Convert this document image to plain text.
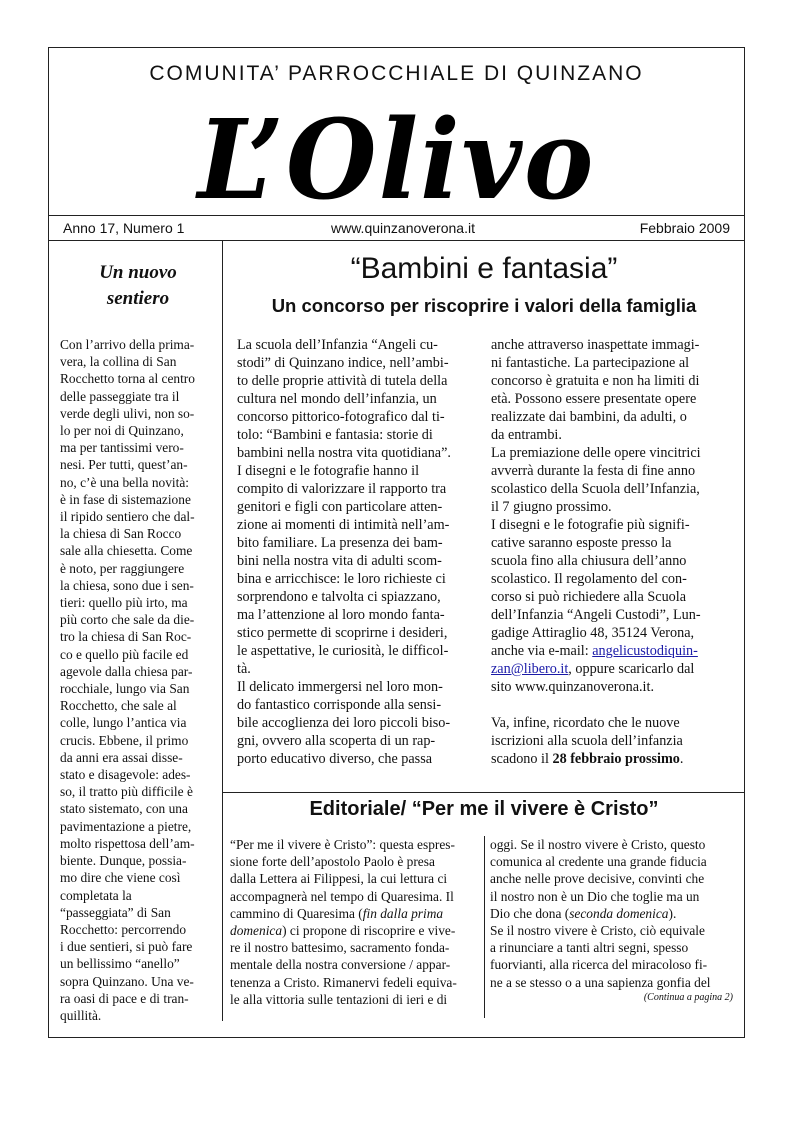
COMUNITA’ PARROCCHIALE DI QUINZANO
L’Olivo
Anno 17, Numero 1	www.quinzanoverona.it	Febbraio 2009
Un nuovo
sentiero
Con l’arrivo della prima-
vera, la collina di San
Rocchetto torna al centro
delle passeggiate tra il
verde degli ulivi, non so-
lo per noi di Quinzano,
ma per tantissimi vero-
nesi. Per tutti, quest’an-
no, c’è una bella novità:
è in fase di sistemazione
il ripido sentiero che dal-
la chiesa di San Rocco
sale alla chiesetta. Come
è noto, per raggiungere
la chiesa, sono due i sen-
tieri: quello più irto, ma
più corto che sale da die-
tro la chiesa di San Roc-
co e quello più facile ed
agevole dalla chiesa par-
rocchiale, lungo via San
Rocchetto, che sale al
colle, lungo l’antica via
crucis. Ebbene, il primo
da anni era assai disse-
stato e disagevole: ades-
so, il tratto più difficile è
stato sistemato, con una
pavimentazione a pietre,
molto rispettosa dell’am-
biente. Dunque, possia-
mo dire che viene così
completata la
“passeggiata” di San
Rocchetto: percorrendo
i due sentieri, si può fare
un bellissimo “anello”
sopra Quinzano. Una ve-
ra oasi di pace e di tran-
quillità.
“Bambini e fantasia”
Un concorso per riscoprire i valori della famiglia
La scuola dell’Infanzia “Angeli cu-
stodi” di Quinzano indice, nell’ambi-
to delle proprie attività di tutela della
cultura nel mondo dell’infanzia, un
concorso pittorico-fotografico dal ti-
tolo: “Bambini e fantasia: storie di
bambini nella nostra vita quotidiana”.
I disegni e le fotografie hanno il
compito di valorizzare il rapporto tra
genitori e figli con particolare atten-
zione ai momenti di intimità nell’am-
bito familiare. La presenza dei bam-
bini nella nostra vita di adulti scom-
bina e arricchisce: le loro richieste ci
sorprendono e talvolta ci spiazzano,
ma l’attenzione al loro mondo fanta-
stico permette di scoprirne i desideri,
le aspettative, le curiosità, le difficol-
tà.
Il delicato immergersi nel loro mon-
do fantastico corrisponde alla sensi-
bile accoglienza dei loro piccoli biso-
gni, ovvero alla scoperta di un rap-
porto educativo diverso, che passa
anche attraverso inaspettate immagi-
ni fantastiche. La partecipazione al
concorso è gratuita e non ha limiti di
età. Possono essere presentate opere
realizzate dai bambini, da adulti, o
da entrambi.
La premiazione delle opere vincitrici
avverrà durante la festa di fine anno
scolastico della Scuola dell’Infanzia,
il 7 giugno prossimo.
I disegni e le fotografie più signifi-
cative saranno esposte presso la
scuola fino alla chiusura dell’anno
scolastico. Il regolamento del con-
corso si può richiedere alla Scuola
dell’Infanzia “Angeli Custodi”, Lun-
gadige Attiraglio 48, 35124 Verona,
anche via e-mail: angelicustodiquin-
zan@libero.it, oppure scaricarlo dal
sito www.quinzanoverona.it.

Va, infine, ricordato che le nuove
iscrizioni alla scuola dell’infanzia
scadono il 28 febbraio prossimo.
Editoriale/ “Per me il vivere è Cristo”
“Per me il vivere è Cristo”: questa espres-
sione forte dell’apostolo Paolo è presa
dalla Lettera ai Filippesi, la cui lettura ci
accompagnerà nel tempo di Quaresima. Il
cammino di Quaresima (fin dalla prima
domenica) ci propone di riscoprire e vive-
re il nostro battesimo, sacramento fonda-
mentale della nostra conversione / appar-
tenenza a Cristo. Rimanervi fedeli equiva-
le alla vittoria sulle tentazioni di ieri e di
oggi. Se il nostro vivere è Cristo, questo
comunica al credente una grande fiducia
anche nelle prove decisive, convinti che
il nostro non è un Dio che toglie ma un
Dio che dona (seconda domenica).
Se il nostro vivere è Cristo, ciò equivale
a rinunciare a tanti altri segni, spesso
fuorvianti, alla ricerca del miracoloso fi-
ne a se stesso o a una sapienza gonfia del
(Continua a pagina 2)
